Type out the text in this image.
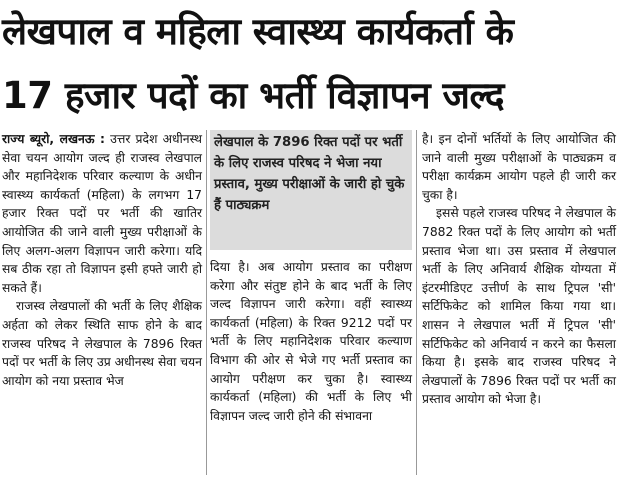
लेखपाल व महिला स्वास्थ्य कार्यकर्ता के
17 हजार पदों का भर्ती विज्ञापन जल्द

राज्य ब्यूरो, लखनऊ : उत्तर प्रदेश अधीनस्थ सेवा चयन आयोग जल्द ही राजस्व लेखपाल और महानिदेशक परिवार कल्याण के अधीन स्वास्थ्य कार्यकर्ता (महिला) के लगभग 17 हजार रिक्त पदों पर भर्ती की खातिर आयोजित की जाने वाली मुख्य परीक्षाओं के लिए अलग-अलग विज्ञापन जारी करेगा। यदि सब ठीक रहा तो विज्ञापन इसी हफ्ते जारी हो सकते हैं।

राजस्व लेखपालों की भर्ती के लिए शैक्षिक अर्हता को लेकर स्थिति साफ होने के बाद राजस्व परिषद ने लेखपाल के 7896 रिक्त पदों पर भर्ती के लिए उप्र अधीनस्थ सेवा चयन आयोग को नया प्रस्ताव भेज

लेखपाल के 7896 रिक्त पदों पर भर्ती के लिए राजस्व परिषद ने भेजा नया प्रस्ताव, मुख्य परीक्षाओं के जारी हो चुके हैं पाठ्यक्रम

दिया है। अब आयोग प्रस्ताव का परीक्षण करेगा और संतुष्ट होने के बाद भर्ती के लिए जल्द विज्ञापन जारी करेगा। वहीं स्वास्थ्य कार्यकर्ता (महिला) के रिक्त 9212 पदों पर भर्ती के लिए महानिदेशक परिवार कल्याण विभाग की ओर से भेजे गए भर्ती प्रस्ताव का आयोग परीक्षण कर चुका है। स्वास्थ्य कार्यकर्ता (महिला) की भर्ती के लिए भी विज्ञापन जल्द जारी होने की संभावना

है। इन दोनों भर्तियों के लिए आयोजित की जाने वाली मुख्य परीक्षाओं के पाठ्यक्रम व परीक्षा कार्यक्रम आयोग पहले ही जारी कर चुका है।

इससे पहले राजस्व परिषद ने लेखपाल के 7882 रिक्त पदों के लिए आयोग को भर्ती प्रस्ताव भेजा था। उस प्रस्ताव में लेखपाल भर्ती के लिए अनिवार्य शैक्षिक योग्यता में इंटरमीडिएट उत्तीर्ण के साथ ट्रिपल 'सी' सर्टिफिकेट को शामिल किया गया था। शासन ने लेखपाल भर्ती में ट्रिपल 'सी' सर्टिफिकेट को अनिवार्य न करने का फैसला किया है। इसके बाद राजस्व परिषद ने लेखपालों के 7896 रिक्त पदों पर भर्ती का प्रस्ताव आयोग को भेजा है।
